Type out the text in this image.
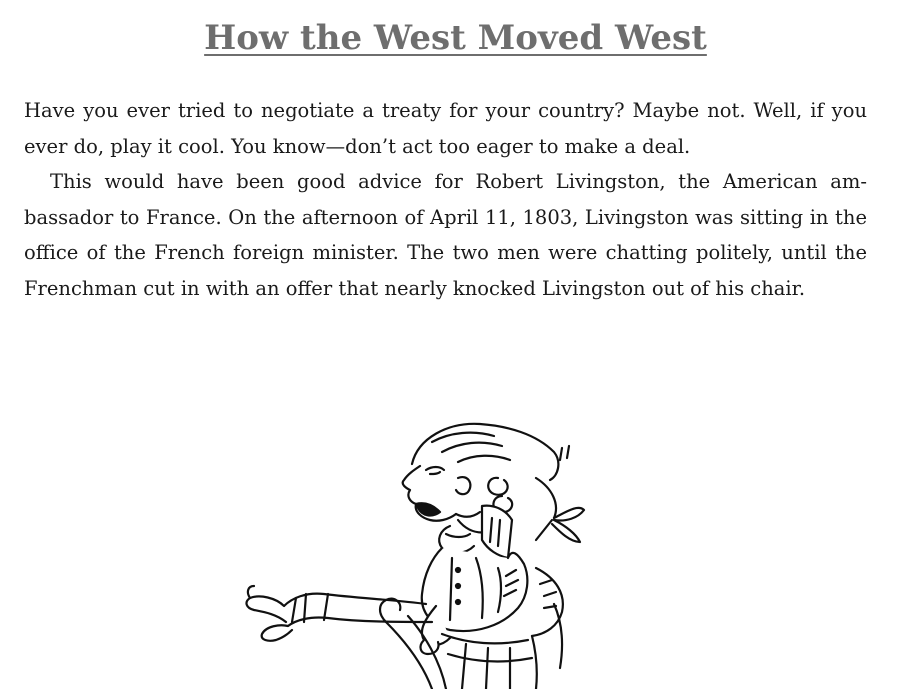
How the West Moved West

Have you ever tried to negotiate a treaty for your country? Maybe not. Well, if you ever do, play it cool. You know—don’t act too eager to make a deal.

This would have been good advice for Robert Livingston, the American ambassador to France. On the afternoon of April 11, 1803, Livingston was sitting in the office of the French foreign minister. The two men were chatting politely, until the Frenchman cut in with an offer that nearly knocked Livingston out of his chair.
